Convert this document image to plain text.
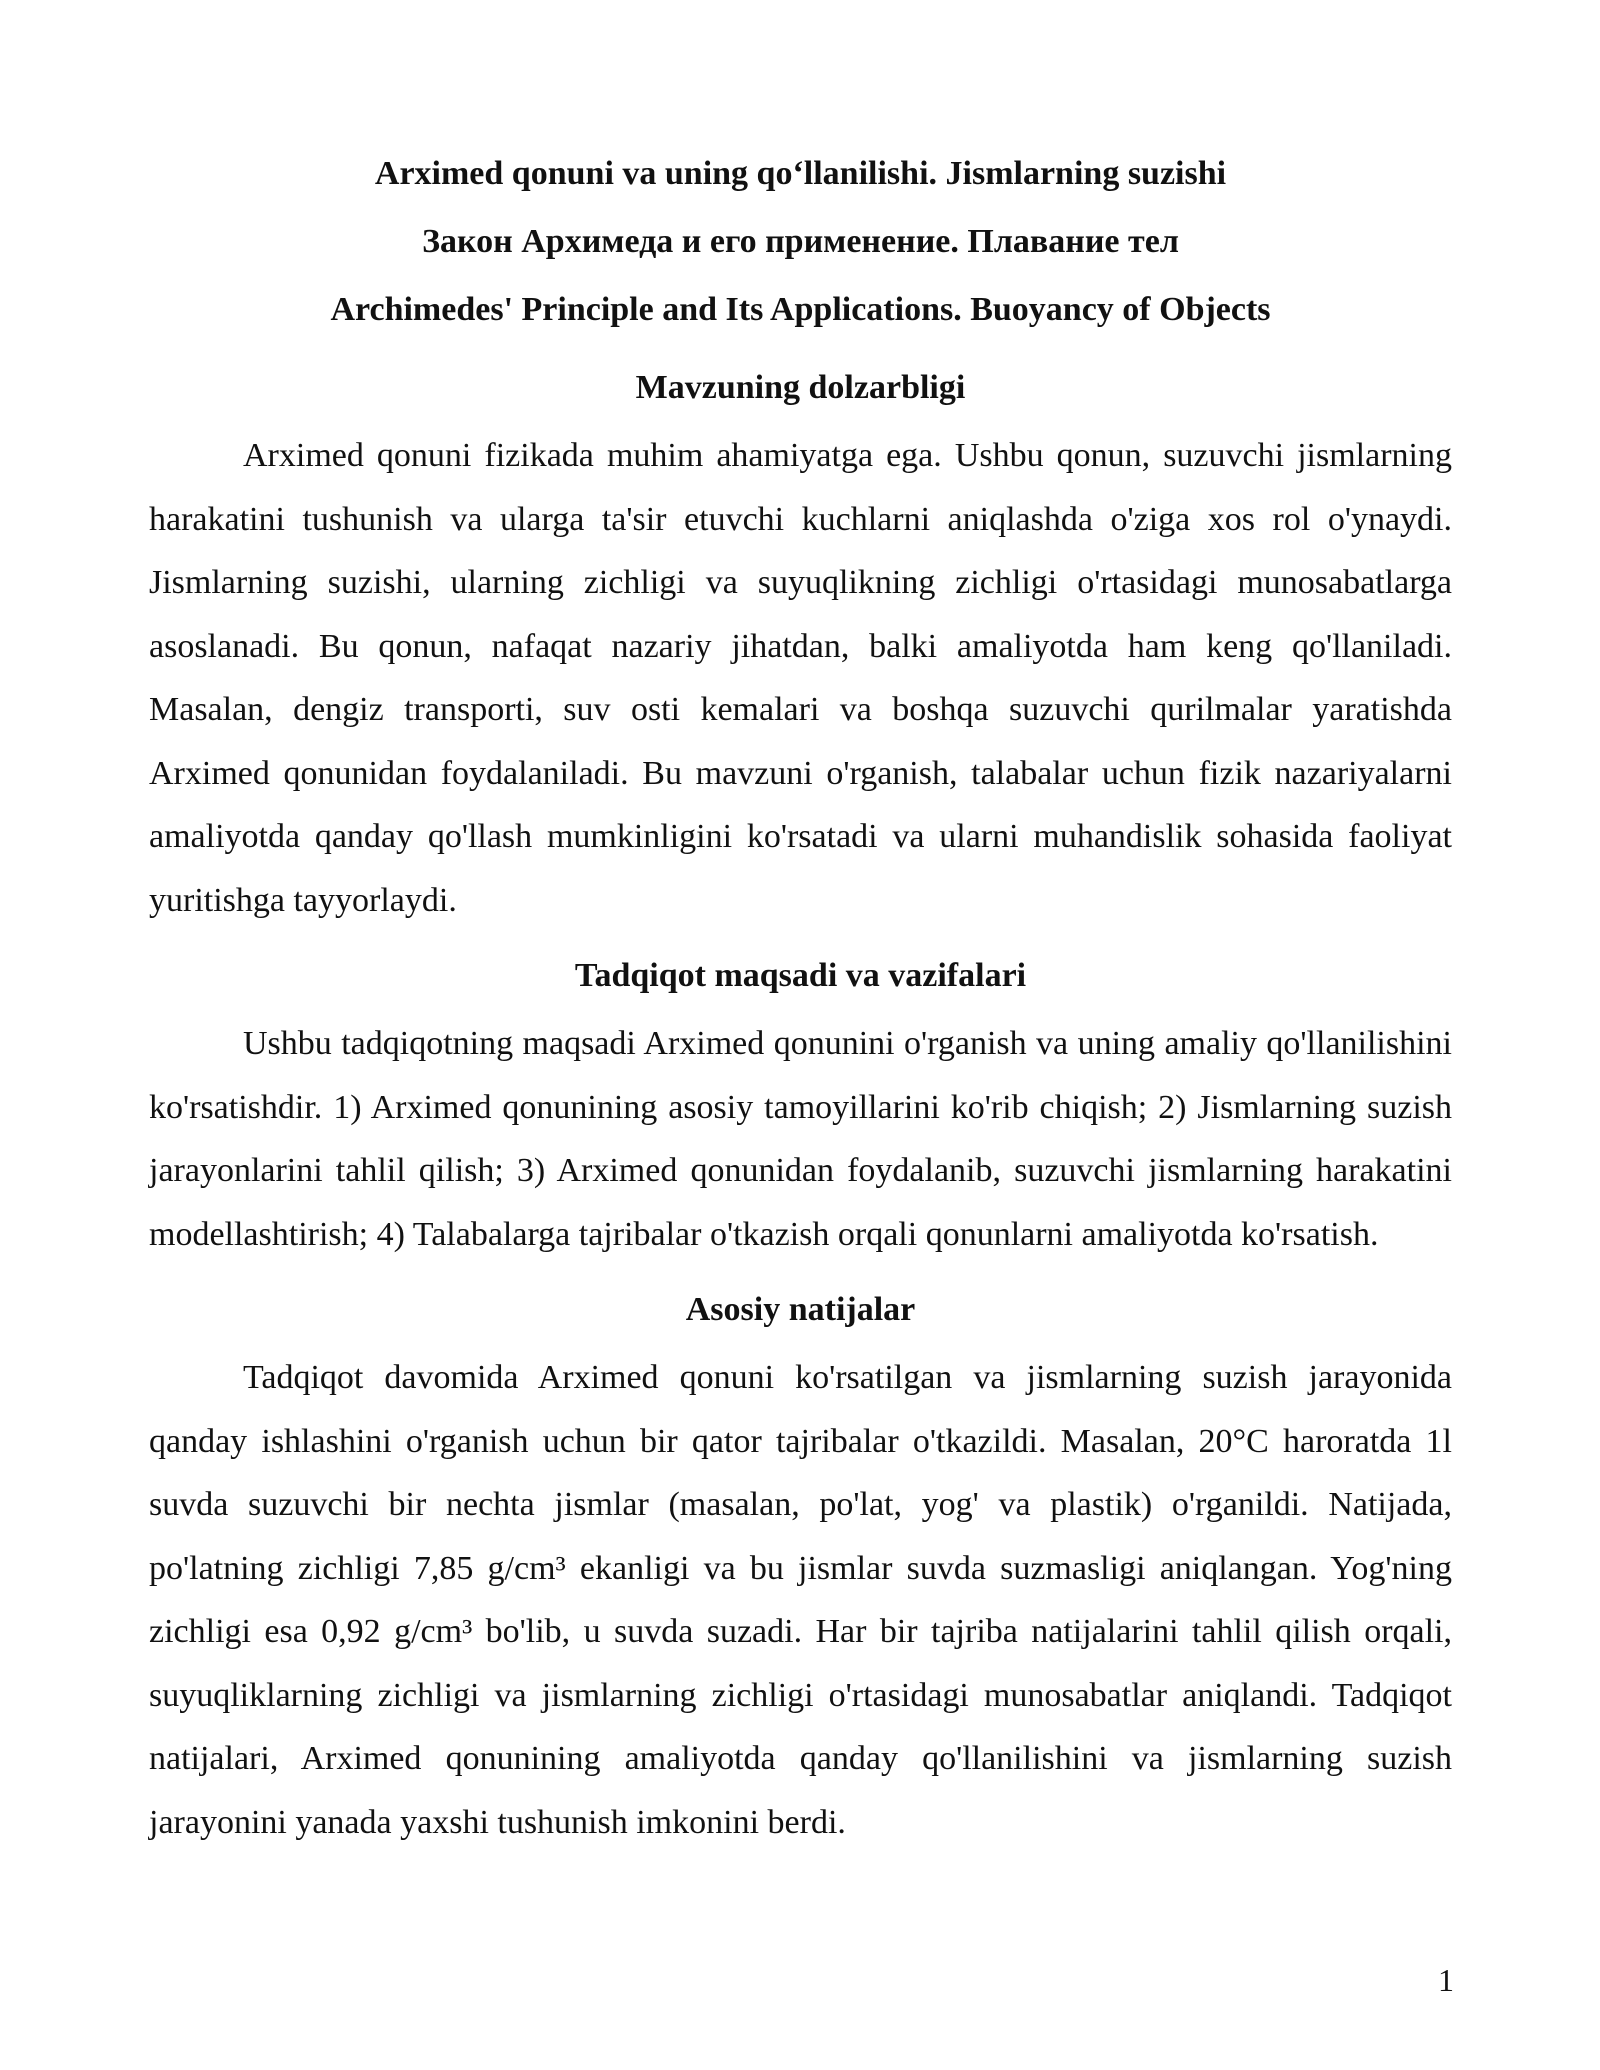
Arximed qonuni va uning qo‘llanilishi. Jismlarning suzishi
Закон Архимеда и его применение. Плавание тел
Archimedes' Principle and Its Applications. Buoyancy of Objects
Mavzuning dolzarbligi

Arximed qonuni fizikada muhim ahamiyatga ega. Ushbu qonun, suzuvchi jismlarning harakatini tushunish va ularga ta'sir etuvchi kuchlarni aniqlashda o'ziga xos rol o'ynaydi. Jismlarning suzishi, ularning zichligi va suyuqlikning zichligi o'rtasidagi munosabatlarga asoslanadi. Bu qonun, nafaqat nazariy jihatdan, balki amaliyotda ham keng qo'llaniladi. Masalan, dengiz transporti, suv osti kemalari va boshqa suzuvchi qurilmalar yaratishda Arximed qonunidan foydalaniladi. Bu mavzuni o'rganish, talabalar uchun fizik nazariyalarni amaliyotda qanday qo'llash mumkinligini ko'rsatadi va ularni muhandislik sohasida faoliyat yuritishga tayyorlaydi.

Tadqiqot maqsadi va vazifalari

Ushbu tadqiqotning maqsadi Arximed qonunini o'rganish va uning amaliy qo'llanilishini ko'rsatishdir. 1) Arximed qonunining asosiy tamoyillarini ko'rib chiqish; 2) Jismlarning suzish jarayonlarini tahlil qilish; 3) Arximed qonunidan foydalanib, suzuvchi jismlarning harakatini modellashtirish; 4) Talabalarga tajribalar o'tkazish orqali qonunlarni amaliyotda ko'rsatish.

Asosiy natijalar

Tadqiqot davomida Arximed qonuni ko'rsatilgan va jismlarning suzish jarayonida qanday ishlashini o'rganish uchun bir qator tajribalar o'tkazildi. Masalan, 20°C haroratda 1l suvda suzuvchi bir nechta jismlar (masalan, po'lat, yog' va plastik) o'rganildi. Natijada, po'latning zichligi 7,85 g/cm³ ekanligi va bu jismlar suvda suzmasligi aniqlangan. Yog'ning zichligi esa 0,92 g/cm³ bo'lib, u suvda suzadi. Har bir tajriba natijalarini tahlil qilish orqali, suyuqliklarning zichligi va jismlarning zichligi o'rtasidagi munosabatlar aniqlandi. Tadqiqot natijalari, Arximed qonunining amaliyotda qanday qo'llanilishini va jismlarning suzish jarayonini yanada yaxshi tushunish imkonini berdi.

1
